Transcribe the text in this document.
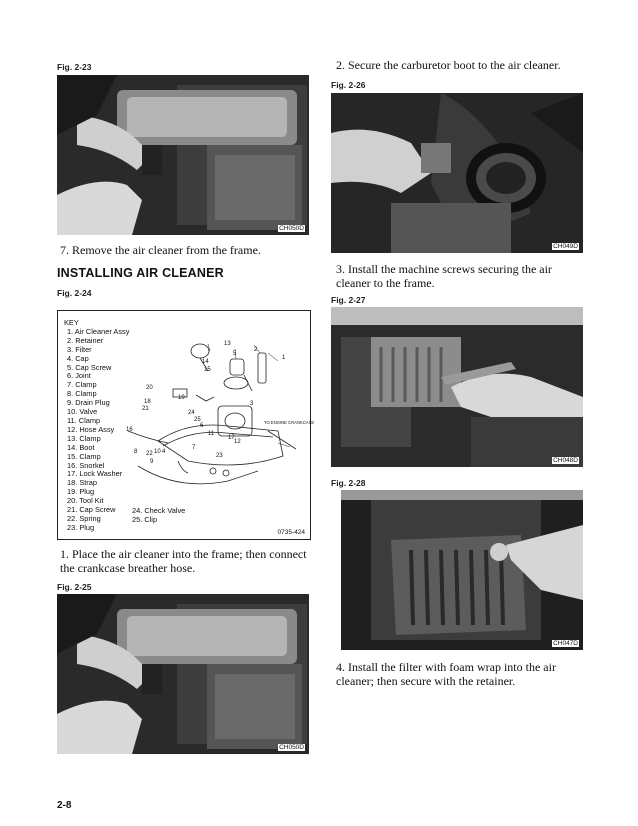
Fig. 2-23
CH050D
7. Remove the air cleaner from the frame.
INSTALLING AIR CLEANER
Fig. 2-24
KEY
1. Air Cleaner Assy
2. Retainer
3. Filter
4. Cap
5. Cap Screw
6. Joint
7. Clamp
8. Clamp
9. Drain Plug
10. Valve
11. Clamp
12. Hose Assy
13. Clamp
14. Boot
15. Clamp
16. Snorkel
17. Lock Washer
18. Strap
19. Plug
20. Tool Kit
21. Cap Screw
22. Spring
23. Plug
24. Check Valve
25. Clip
13
14
15
5
2
1
20
19
18
21
24
25
6
16
11
17
3
12
7
8 22	23
9
10 4
TO ENGINE CRANKCASE
0735-424
1. Place the air cleaner into the frame; then connect the crankcase breather hose.
Fig. 2-25
CH050D
2-8
2. Secure the carburetor boot to the air cleaner.
Fig. 2-26
CH049D
3. Install the machine screws securing the air cleaner to the frame.
Fig. 2-27
CH048D
Fig. 2-28
CH047D
4. Install the filter with foam wrap into the air cleaner; then secure with the retainer.
